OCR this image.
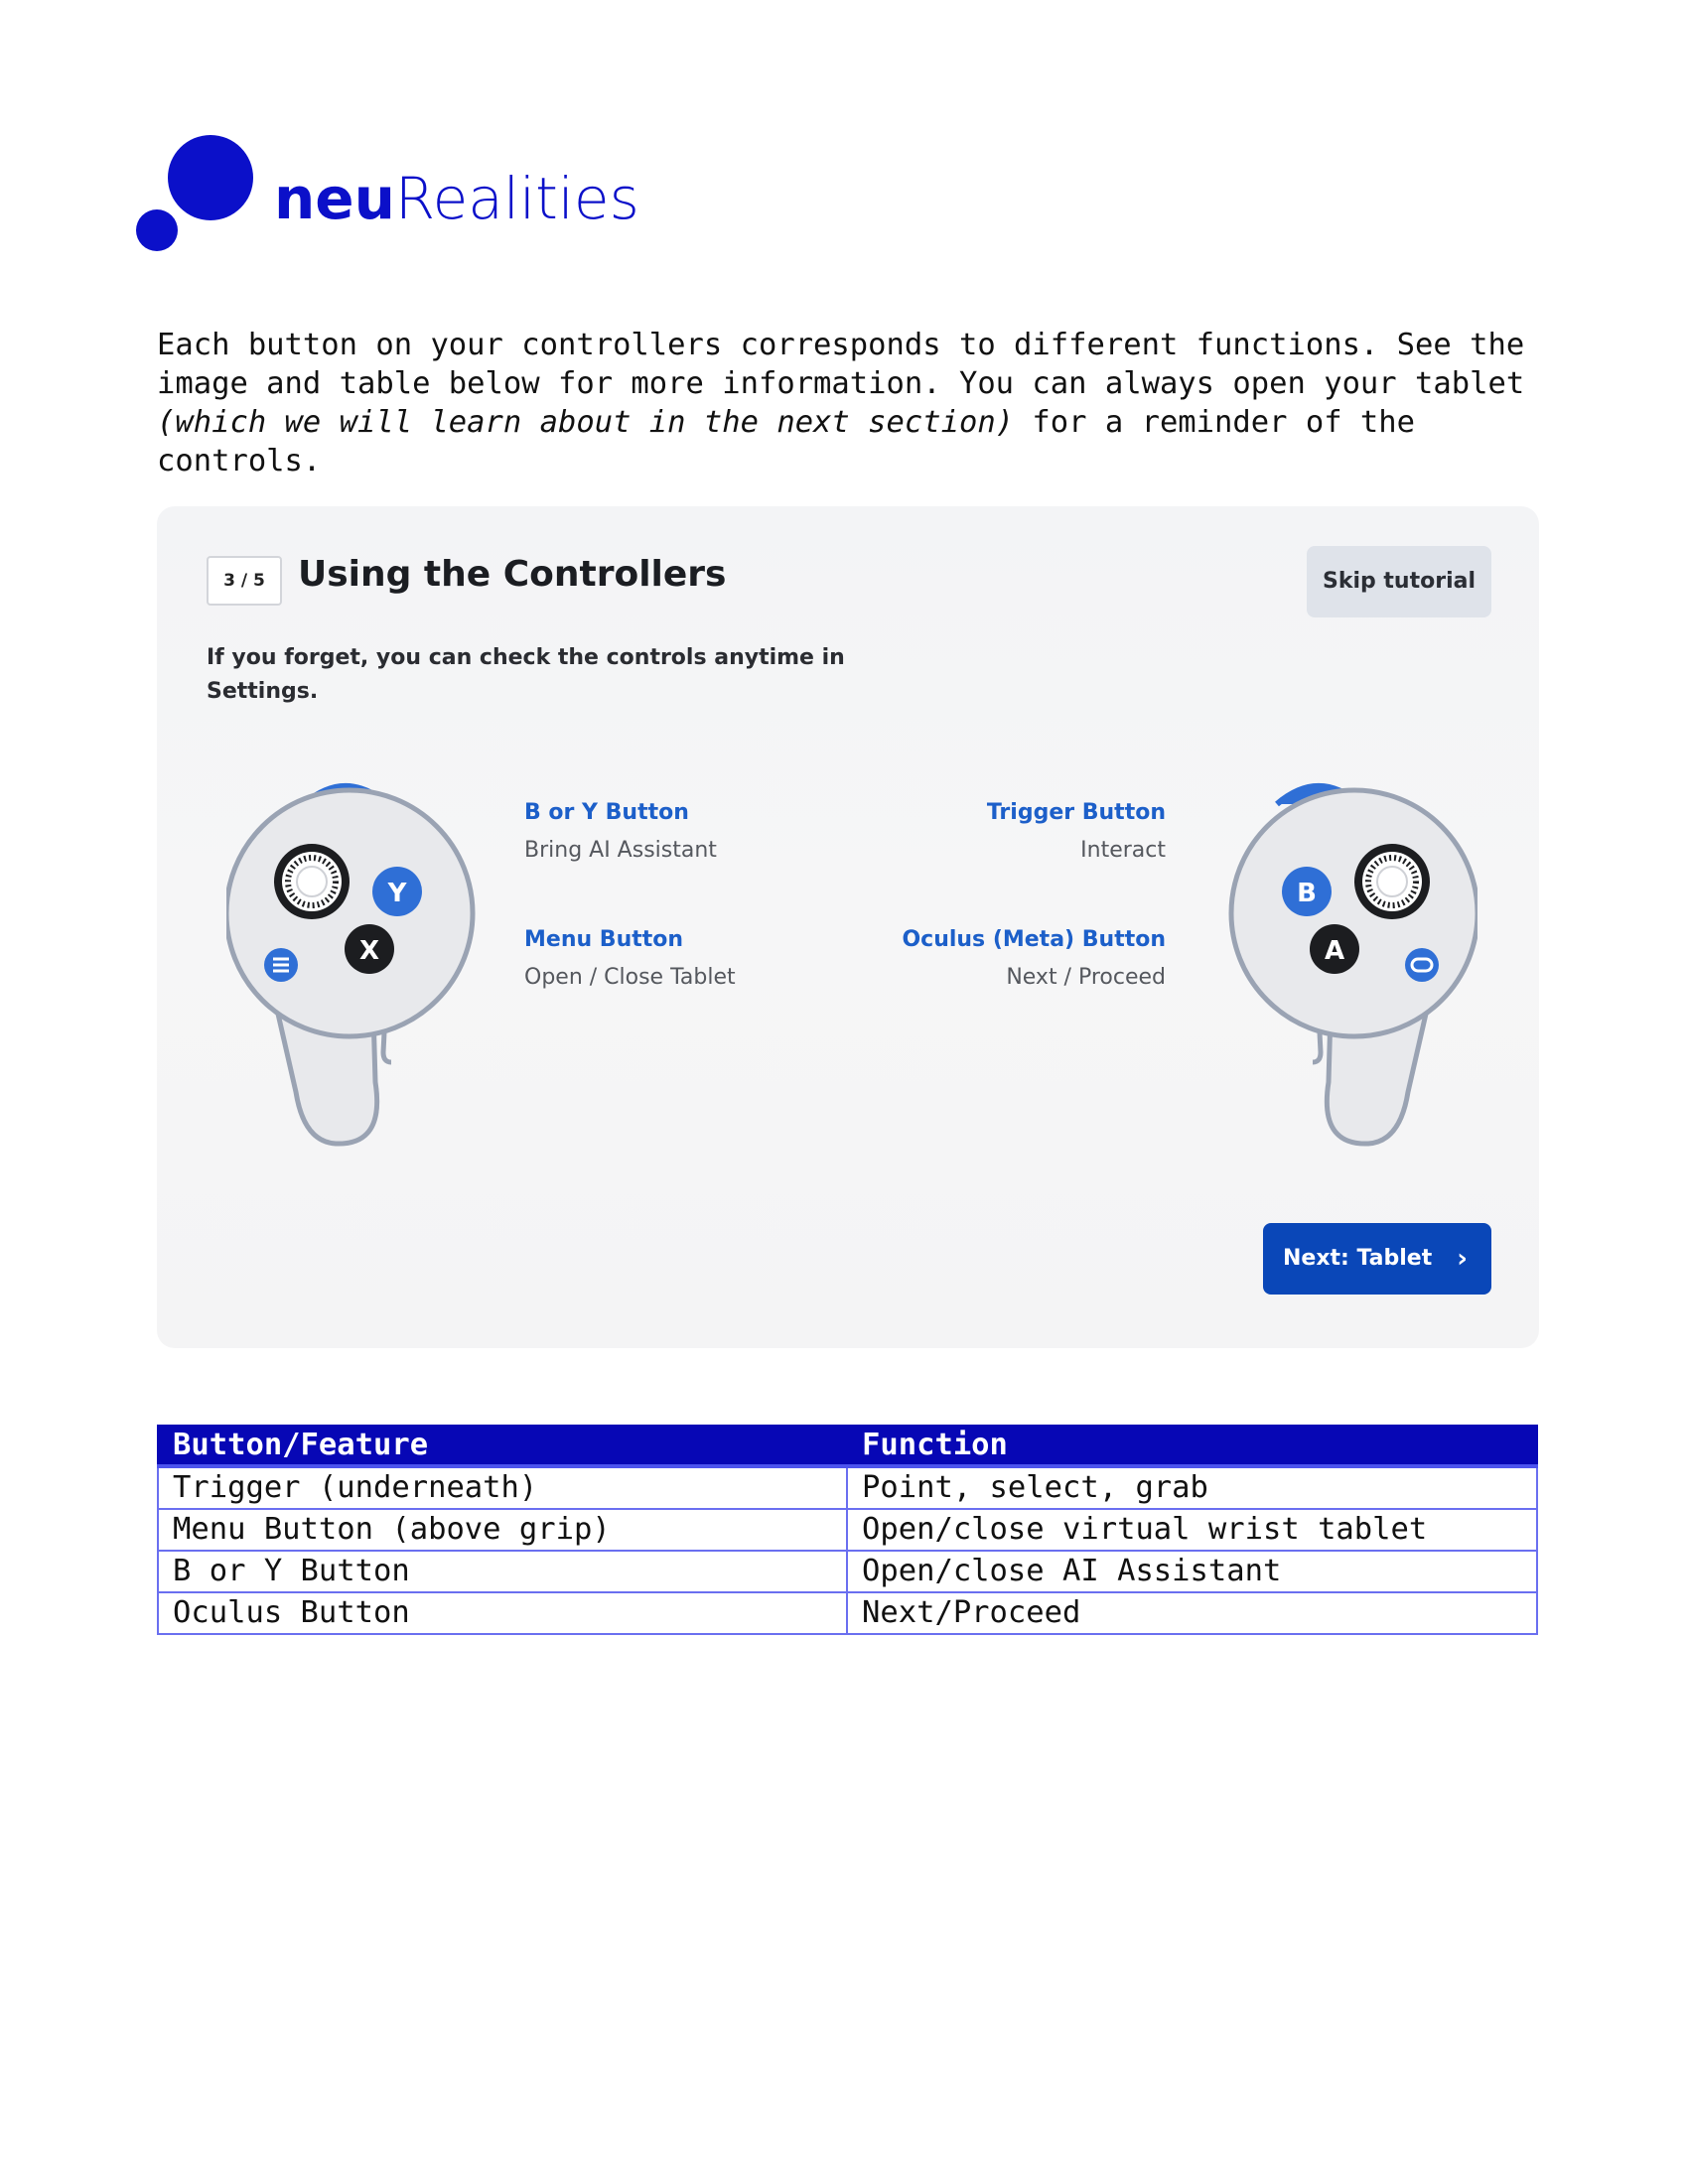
neuRealities

Each button on your controllers corresponds to different functions. See the image and table below for more information. You can always open your tablet (which we will learn about in the next section) for a reminder of the controls.

3 / 5 Using the Controllers	Skip tutorial
If you forget, you can check the controls anytime in Settings.
Y
X
B or Y Button
Bring AI Assistant
Menu Button
Open / Close Tablet
Trigger Button
Interact
Oculus (Meta) Button
Next / Proceed
B
A
Next: Tablet ›
Button/Feature	Function
Trigger (underneath)	Point, select, grab
Menu Button (above grip)	Open/close virtual wrist tablet
B or Y Button	Open/close AI Assistant
Oculus Button	Next/Proceed
